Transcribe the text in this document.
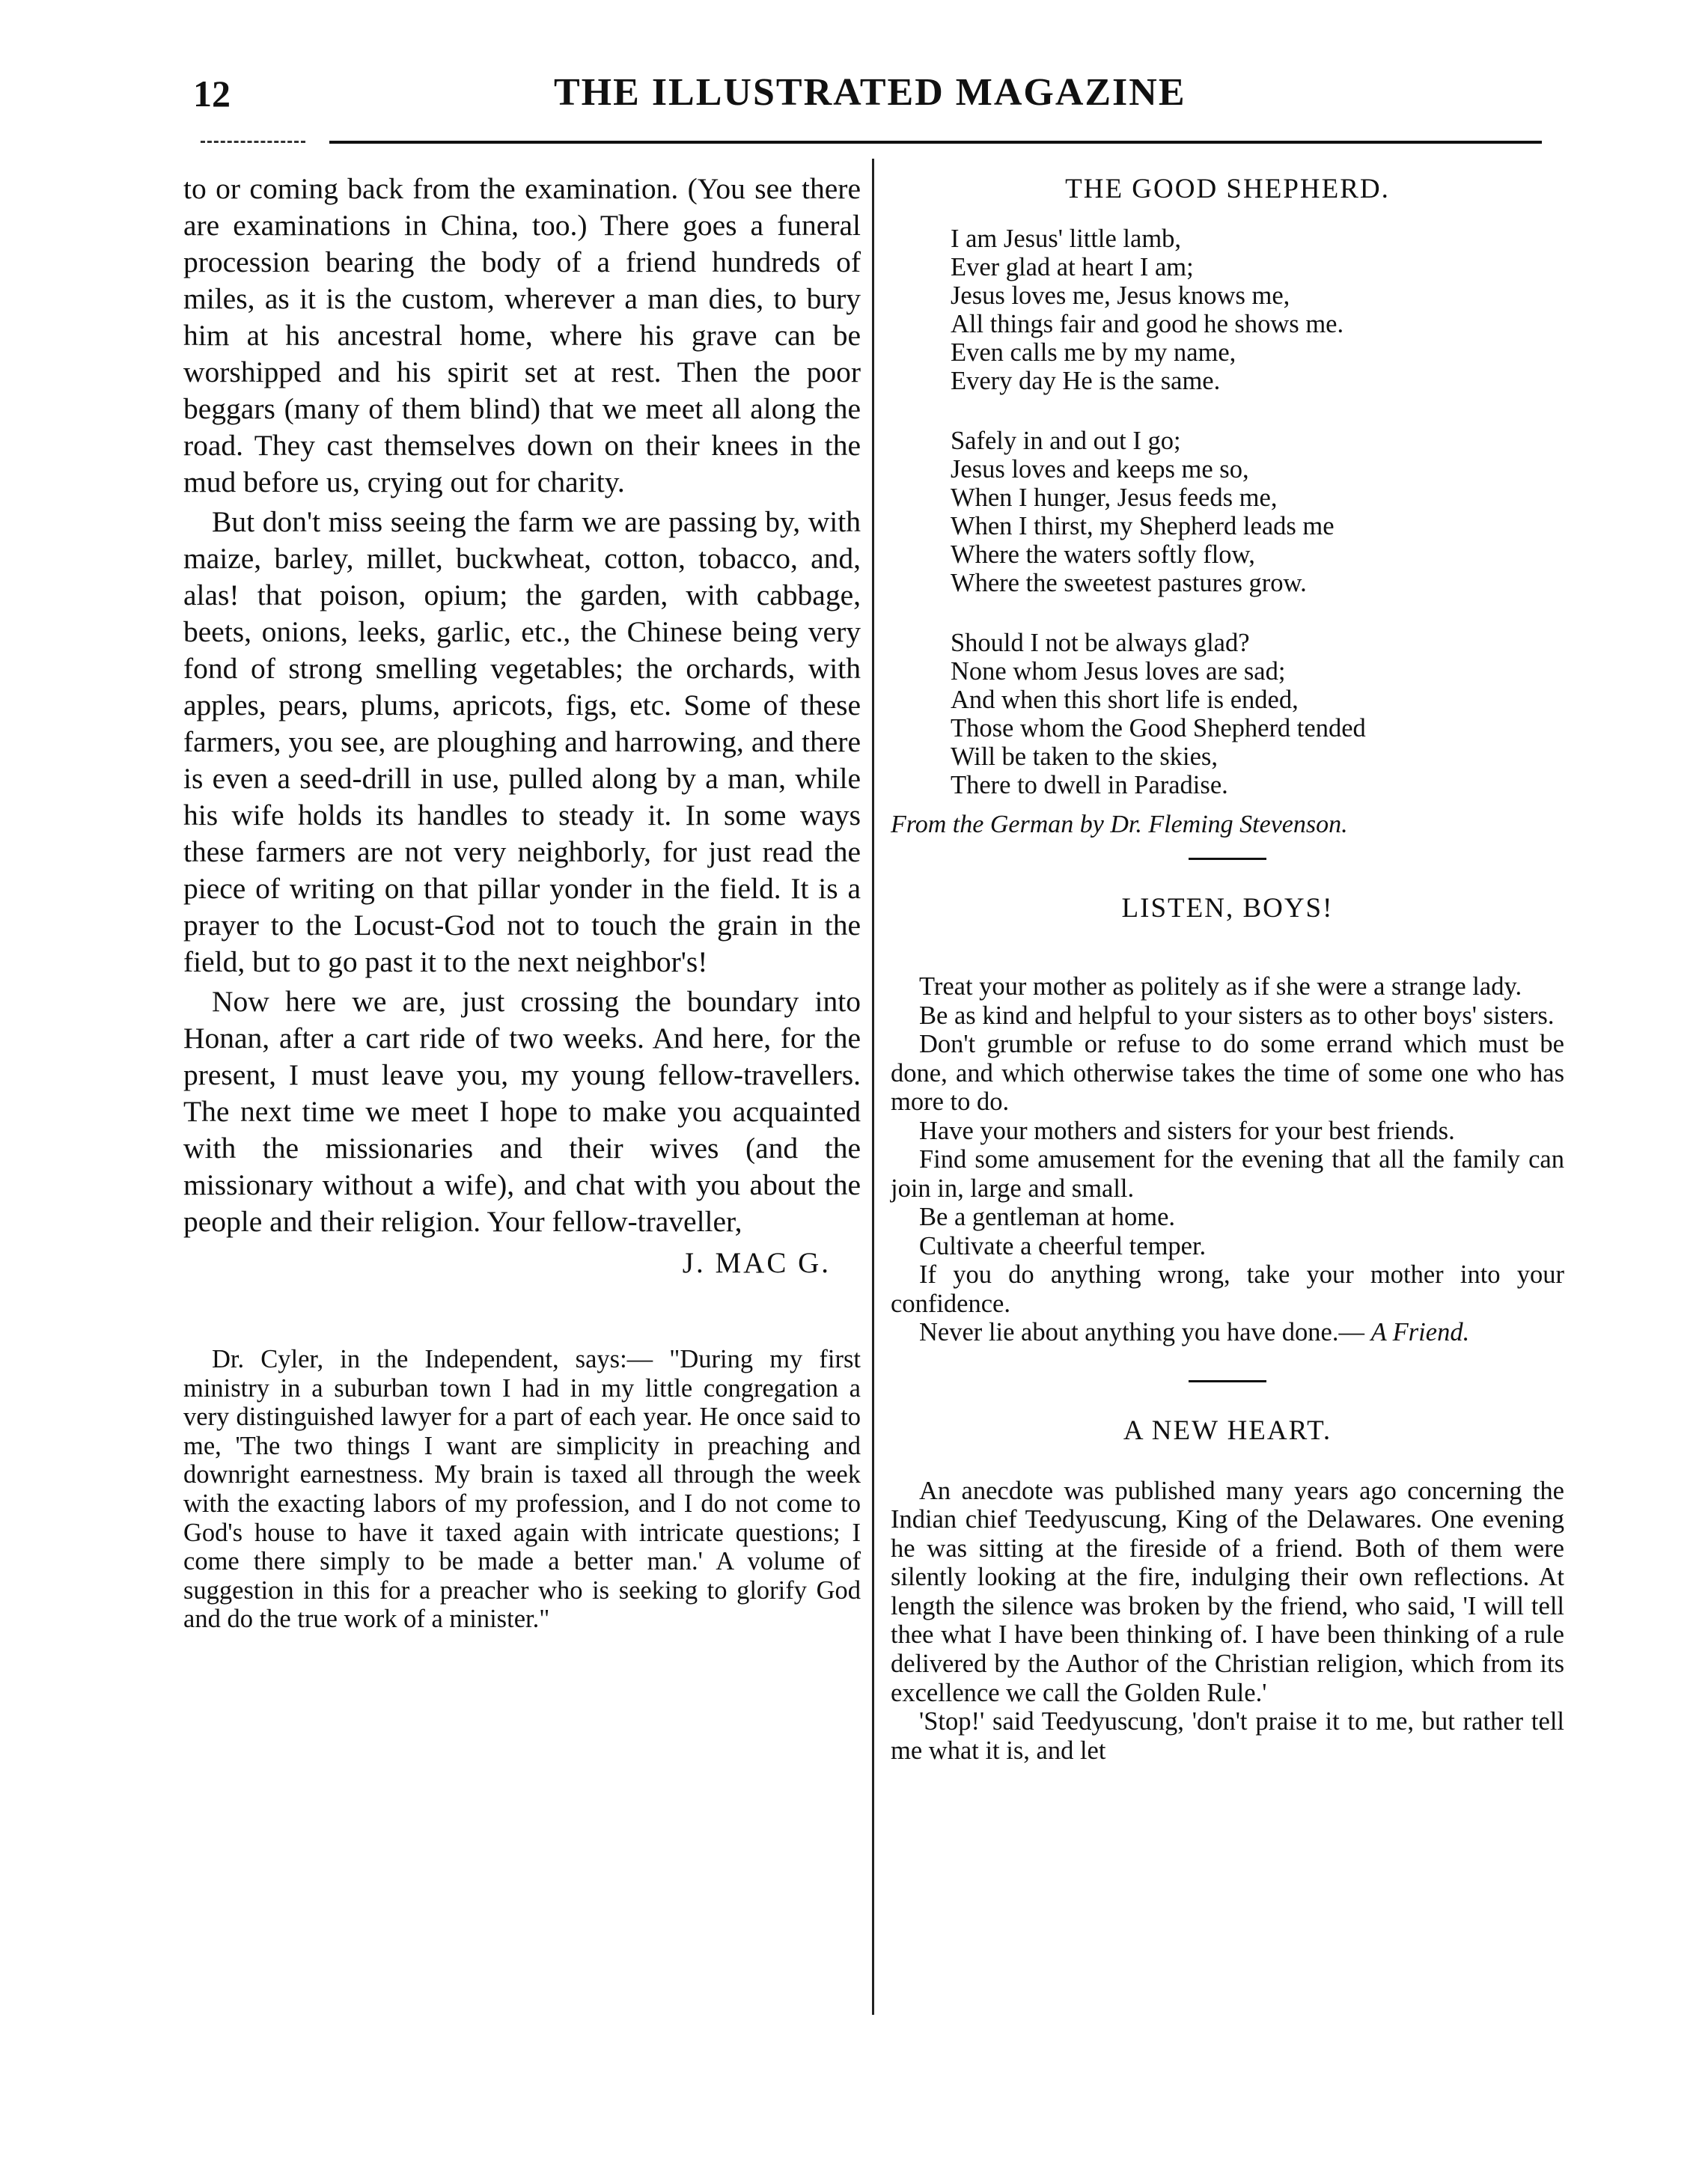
12	THE ILLUSTRATED MAGAZINE

to or coming back from the examination. (You see there are examinations in China, too.) There goes a funeral procession bearing the body of a friend hundreds of miles, as it is the custom, wherever a man dies, to bury him at his ancestral home, where his grave can be worshipped and his spirit set at rest. Then the poor beggars (many of them blind) that we meet all along the road. They cast themselves down on their knees in the mud before us, crying out for charity.

But don't miss seeing the farm we are passing by, with maize, barley, millet, buckwheat, cotton, tobacco, and, alas! that poison, opium; the garden, with cabbage, beets, onions, leeks, garlic, etc., the Chinese being very fond of strong smelling vegetables; the orchards, with apples, pears, plums, apricots, figs, etc. Some of these farmers, you see, are ploughing and harrowing, and there is even a seed-drill in use, pulled along by a man, while his wife holds its handles to steady it. In some ways these farmers are not very neighborly, for just read the piece of writing on that pillar yonder in the field. It is a prayer to the Locust-God not to touch the grain in the field, but to go past it to the next neighbor's!

Now here we are, just crossing the boundary into Honan, after a cart ride of two weeks. And here, for the present, I must leave you, my young fellow-travellers. The next time we meet I hope to make you acquainted with the missionaries and their wives (and the missionary without a wife), and chat with you about the people and their religion. Your fellow-traveller,

J. MAC G.

Dr. Cyler, in the Independent, says:— "During my first ministry in a suburban town I had in my little congregation a very distinguished lawyer for a part of each year. He once said to me, 'The two things I want are simplicity in preaching and downright earnestness. My brain is taxed all through the week with the exacting labors of my profession, and I do not come to God's house to have it taxed again with intricate questions; I come there simply to be made a better man.' A volume of suggestion in this for a preacher who is seeking to glorify God and do the true work of a minister."

THE GOOD SHEPHERD.
I am Jesus' little lamb,
Ever glad at heart I am;
Jesus loves me, Jesus knows me,
All things fair and good he shows me.
Even calls me by my name,
Every day He is the same.
Safely in and out I go;
Jesus loves and keeps me so,
When I hunger, Jesus feeds me,
When I thirst, my Shepherd leads me
Where the waters softly flow,
Where the sweetest pastures grow.
Should I not be always glad?
None whom Jesus loves are sad;
And when this short life is ended,
Those whom the Good Shepherd tended
Will be taken to the skies,
There to dwell in Paradise.
From the German by Dr. Fleming Stevenson.
LISTEN, BOYS!

Treat your mother as politely as if she were a strange lady.

Be as kind and helpful to your sisters as to other boys' sisters.

Don't grumble or refuse to do some errand which must be done, and which otherwise takes the time of some one who has more to do.

Have your mothers and sisters for your best friends.

Find some amusement for the evening that all the family can join in, large and small.

Be a gentleman at home.

Cultivate a cheerful temper.

If you do anything wrong, take your mother into your confidence.

Never lie about anything you have done.— A Friend.

A NEW HEART.

An anecdote was published many years ago concerning the Indian chief Teedyuscung, King of the Delawares. One evening he was sitting at the fireside of a friend. Both of them were silently looking at the fire, indulging their own reflections. At length the silence was broken by the friend, who said, 'I will tell thee what I have been thinking of. I have been thinking of a rule delivered by the Author of the Christian religion, which from its excellence we call the Golden Rule.'

'Stop!' said Teedyuscung, 'don't praise it to me, but rather tell me what it is, and let
